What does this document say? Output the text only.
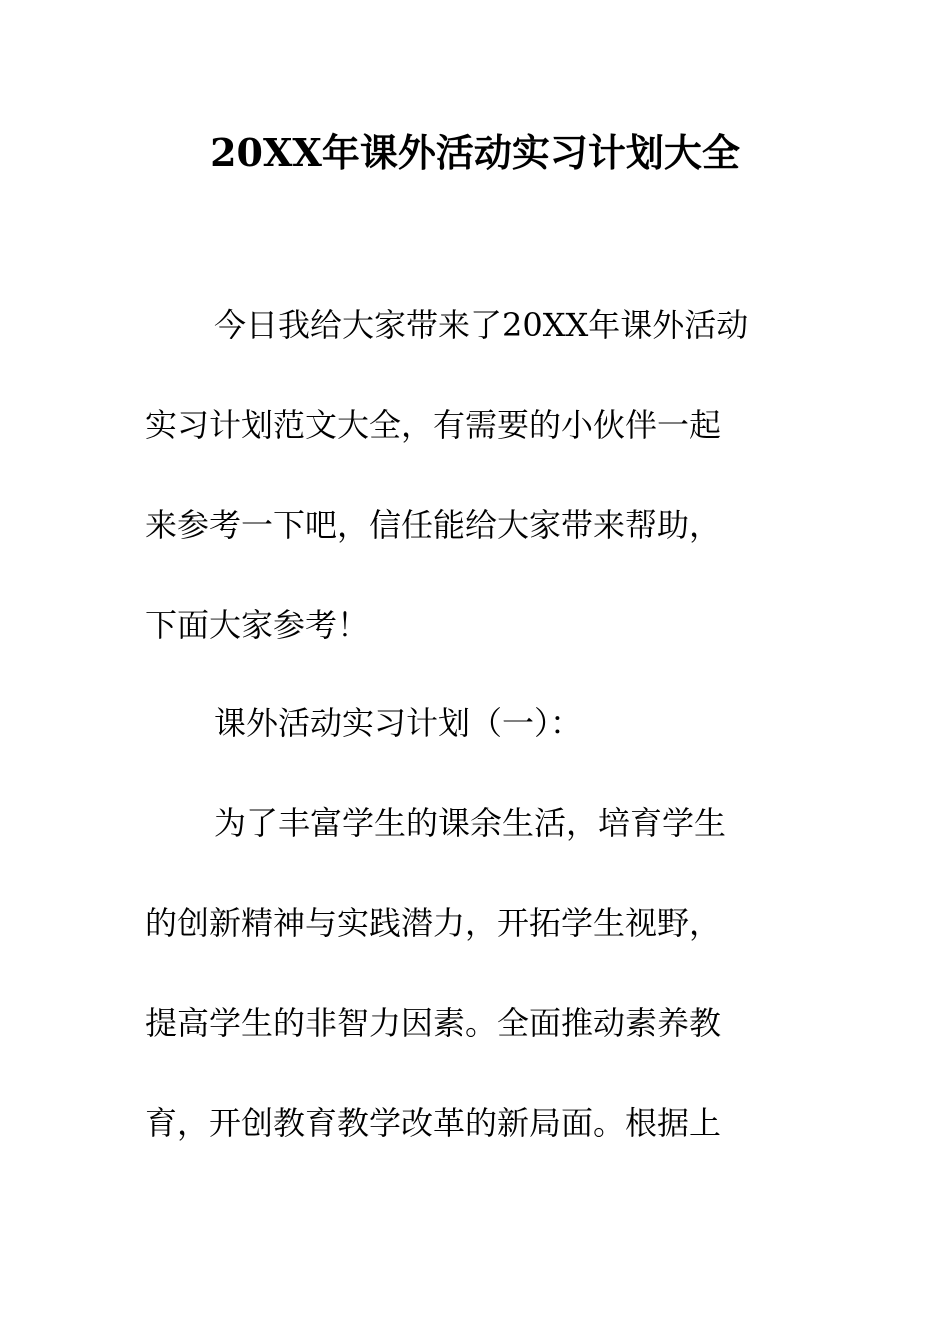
20XX年课外活动实习计划大全
今日我给大家带来了20XX年课外活动
实习计划范文大全，有需要的小伙伴一起
来参考一下吧，信任能给大家带来帮助，
下面大家参考！
课外活动实习计划（一）：
为了丰富学生的课余生活，培育学生
的创新精神与实践潜力，开拓学生视野，
提高学生的非智力因素。全面推动素养教
育，开创教育教学改革的新局面。根据上
